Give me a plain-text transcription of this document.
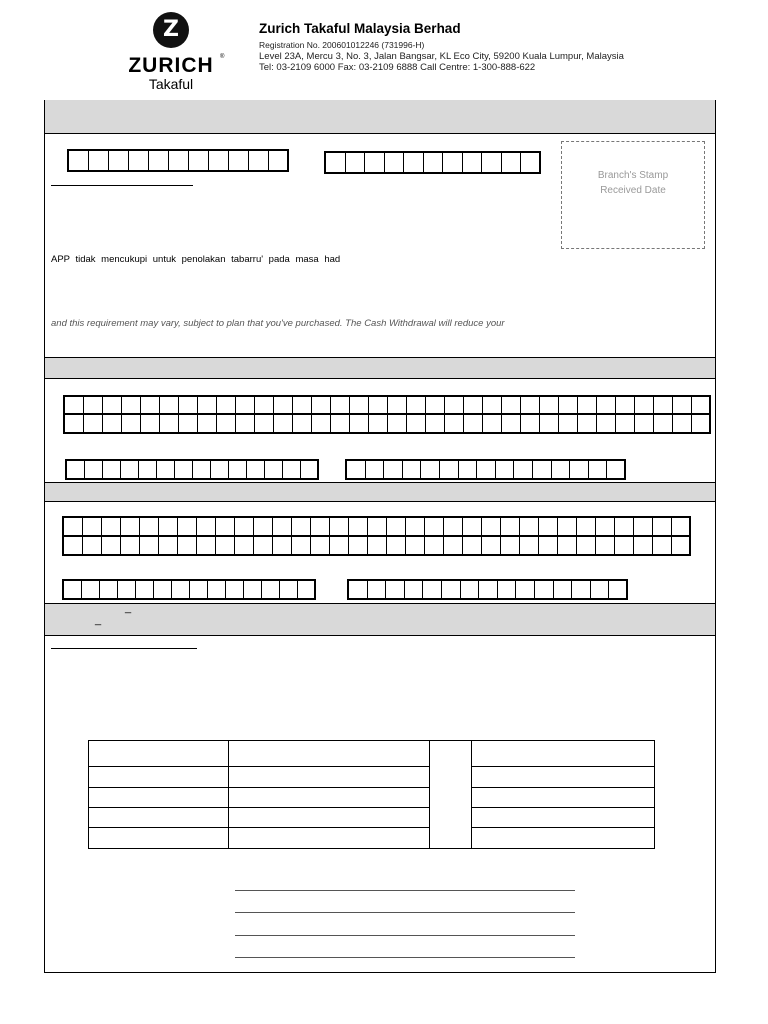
Z
ZURICH	®
Takaful
Zurich Takaful Malaysia Berhad
Registration No. 200601012246 (731996-H)
Level 23A, Mercu 3, No. 3, Jalan Bangsar, KL Eco City, 59200 Kuala Lumpur, Malaysia
Tel: 03-2109 6000 Fax: 03-2109 6888 Call Centre: 1-300-888-622
_
_
Branch's Stamp
Received Date
APP tidak mencukupi untuk penolakan tabarru' pada masa had
and this requirement may vary, subject to plan that you've purchased. The Cash Withdrawal will reduce your
